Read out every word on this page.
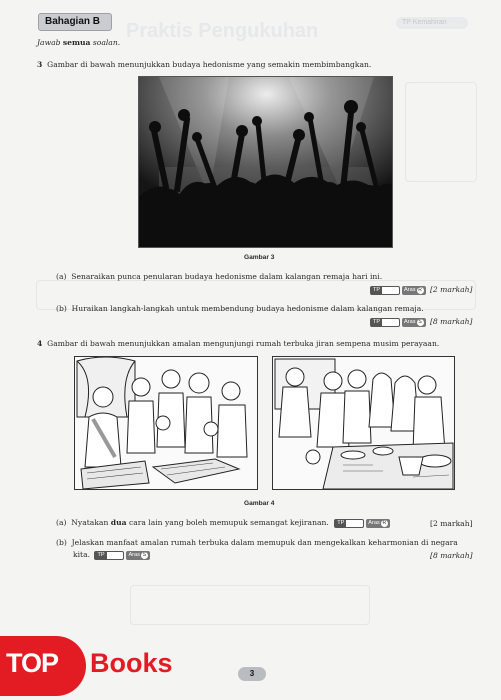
Praktis Pengukuhan	TP Kemahiran
Bahagian B
Jawab semua soalan.
3 Gambar di bawah menunjukkan budaya hedonisme yang semakin membimbangkan.
Gambar 3
(a) Senaraikan punca penularan budaya hedonisme dalam kalangan remaja hari ini.
TP	Aras R [2 markah]
(b) Huraikan langkah-langkah untuk membendung budaya hedonisme dalam kalangan remaja.
TP	Aras S [8 markah]
4 Gambar di bawah menunjukkan amalan mengunjungi rumah terbuka jiran sempena musim perayaan.
Gambar 4
(a) Nyatakan dua cara lain yang boleh memupuk semangat kejiranan.	TP	Aras R	[2 markah]
(b) Jelaskan manfaat amalan rumah terbuka dalam memupuk dan mengekalkan keharmonian di negara
kita.	TP	Aras S	[8 markah]
3
TOP Books
